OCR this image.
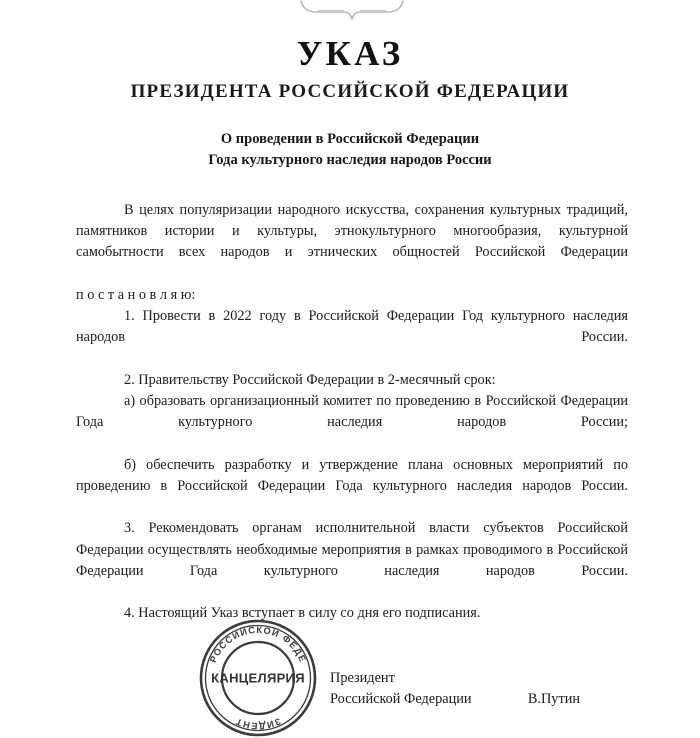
УКАЗ
ПРЕЗИДЕНТА РОССИЙСКОЙ ФЕДЕРАЦИИ
О проведении в Российской Федерации
Года культурного наследия народов России

В целях популяризации народного искусства, сохранения культурных традиций, памятников истории и культуры, этнокультурного многообразия, культурной самобытности всех народов и этнических общностей Российской Федерации

п о с т а н о в л я ю:

1. Провести в 2022 году в Российской Федерации Год культурного наследия народов России.

2. Правительству Российской Федерации в 2-месячный срок:

а) образовать организационный комитет по проведению в Российской Федерации Года культурного наследия народов России;

б) обеспечить разработку и утверждение плана основных мероприятий по проведению в Российской Федерации Года культурного наследия народов России.

3. Рекомендовать органам исполнительной власти субъектов Российской Федерации осуществлять необходимые мероприятия в рамках проводимого в Российской Федерации Года культурного наследия народов России.

4. Настоящий Указ вступает в силу со дня его подписания.

РОССИЙСКОЙ ФЕДЕ
ЗИДЕНТ
КАНЦЕЛЯРИЯ Президент
Российской Федерации	В.Путин
